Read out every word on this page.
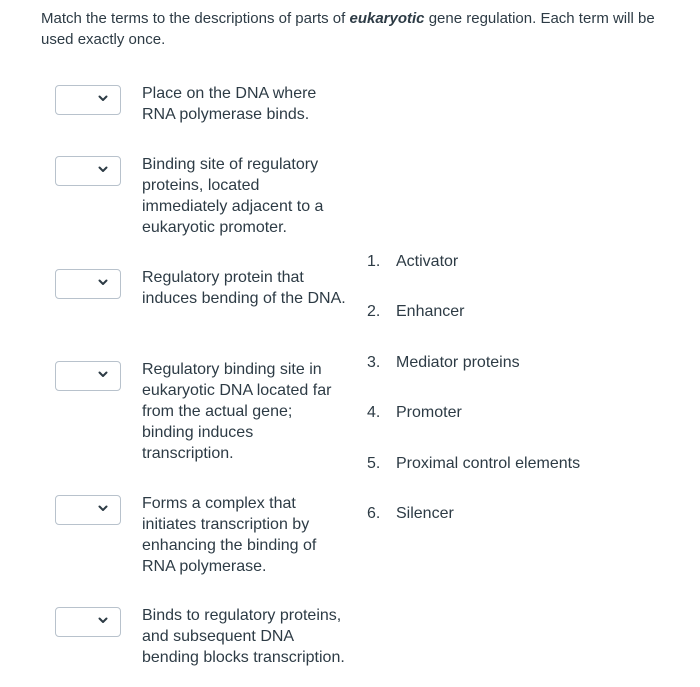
Match the terms to the descriptions of parts of eukaryotic gene regulation. Each term will be used exactly once.
Place on the DNA where RNA polymerase binds.
Binding site of regulatory proteins, located immediately adjacent to a eukaryotic promoter.
Regulatory protein that induces bending of the DNA.
Regulatory binding site in eukaryotic DNA located far from the actual gene; binding induces transcription.
Forms a complex that initiates transcription by enhancing the binding of RNA polymerase.
Binds to regulatory proteins, and subsequent DNA bending blocks transcription.
1. Activator
2. Enhancer
3. Mediator proteins
4. Promoter
5. Proximal control elements
6. Silencer
